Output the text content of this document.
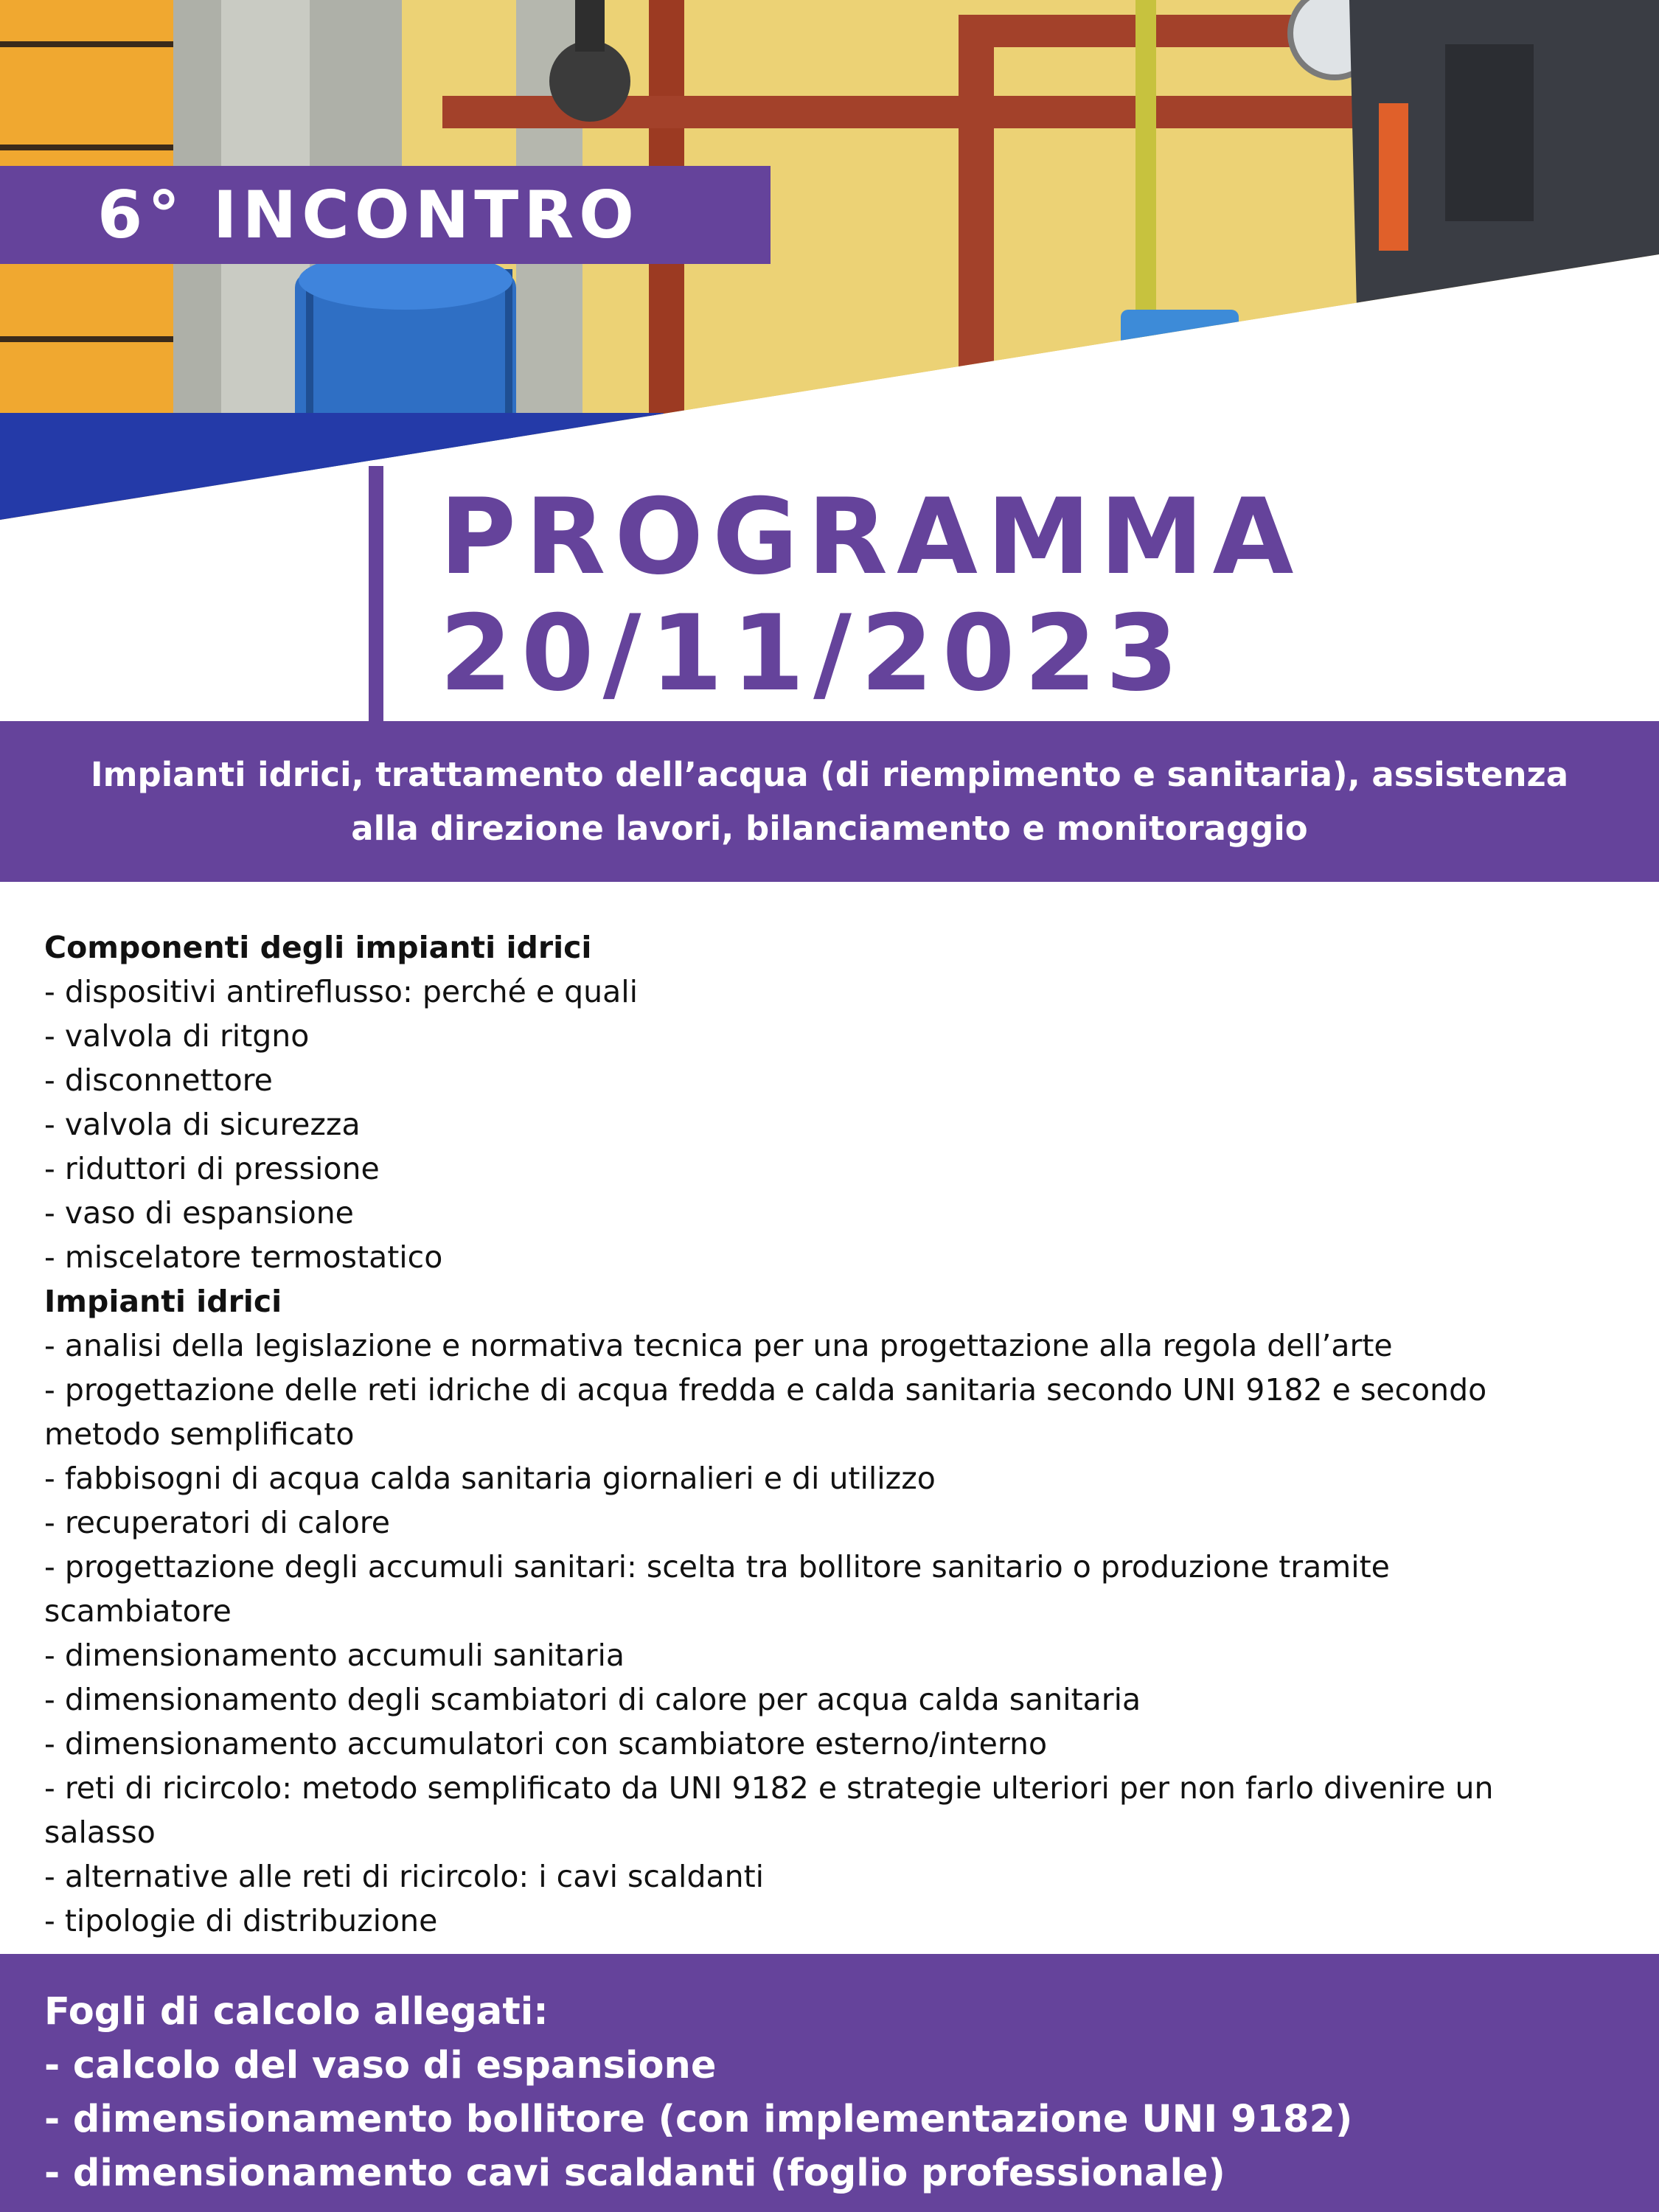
6° INCONTRO
PROGRAMMA
20/11/2023
Impianti idrici, trattamento dell’acqua (di riempimento e sanitaria), assistenza
alla direzione lavori, bilanciamento e monitoraggio

Componenti degli impianti idrici

- dispositivi antireflusso: perché e quali

- valvola di ritgno

- disconnettore

- valvola di sicurezza

- riduttori di pressione

- vaso di espansione

- miscelatore termostatico

Impianti idrici

- analisi della legislazione e normativa tecnica per una progettazione alla regola dell’arte

- progettazione delle reti idriche di acqua fredda e calda sanitaria secondo UNI 9182 e secondo

metodo semplificato

- fabbisogni di acqua calda sanitaria giornalieri e di utilizzo

- recuperatori di calore

- progettazione degli accumuli sanitari: scelta tra bollitore sanitario o produzione tramite

scambiatore

- dimensionamento accumuli sanitaria

- dimensionamento degli scambiatori di calore per acqua calda sanitaria

- dimensionamento accumulatori con scambiatore esterno/interno

- reti di ricircolo: metodo semplificato da UNI 9182 e strategie ulteriori per non farlo divenire un

salasso

- alternative alle reti di ricircolo: i cavi scaldanti

- tipologie di distribuzione

Fogli di calcolo allegati:
- calcolo del vaso di espansione
- dimensionamento bollitore (con implementazione UNI 9182)
- dimensionamento cavi scaldanti (foglio professionale)
